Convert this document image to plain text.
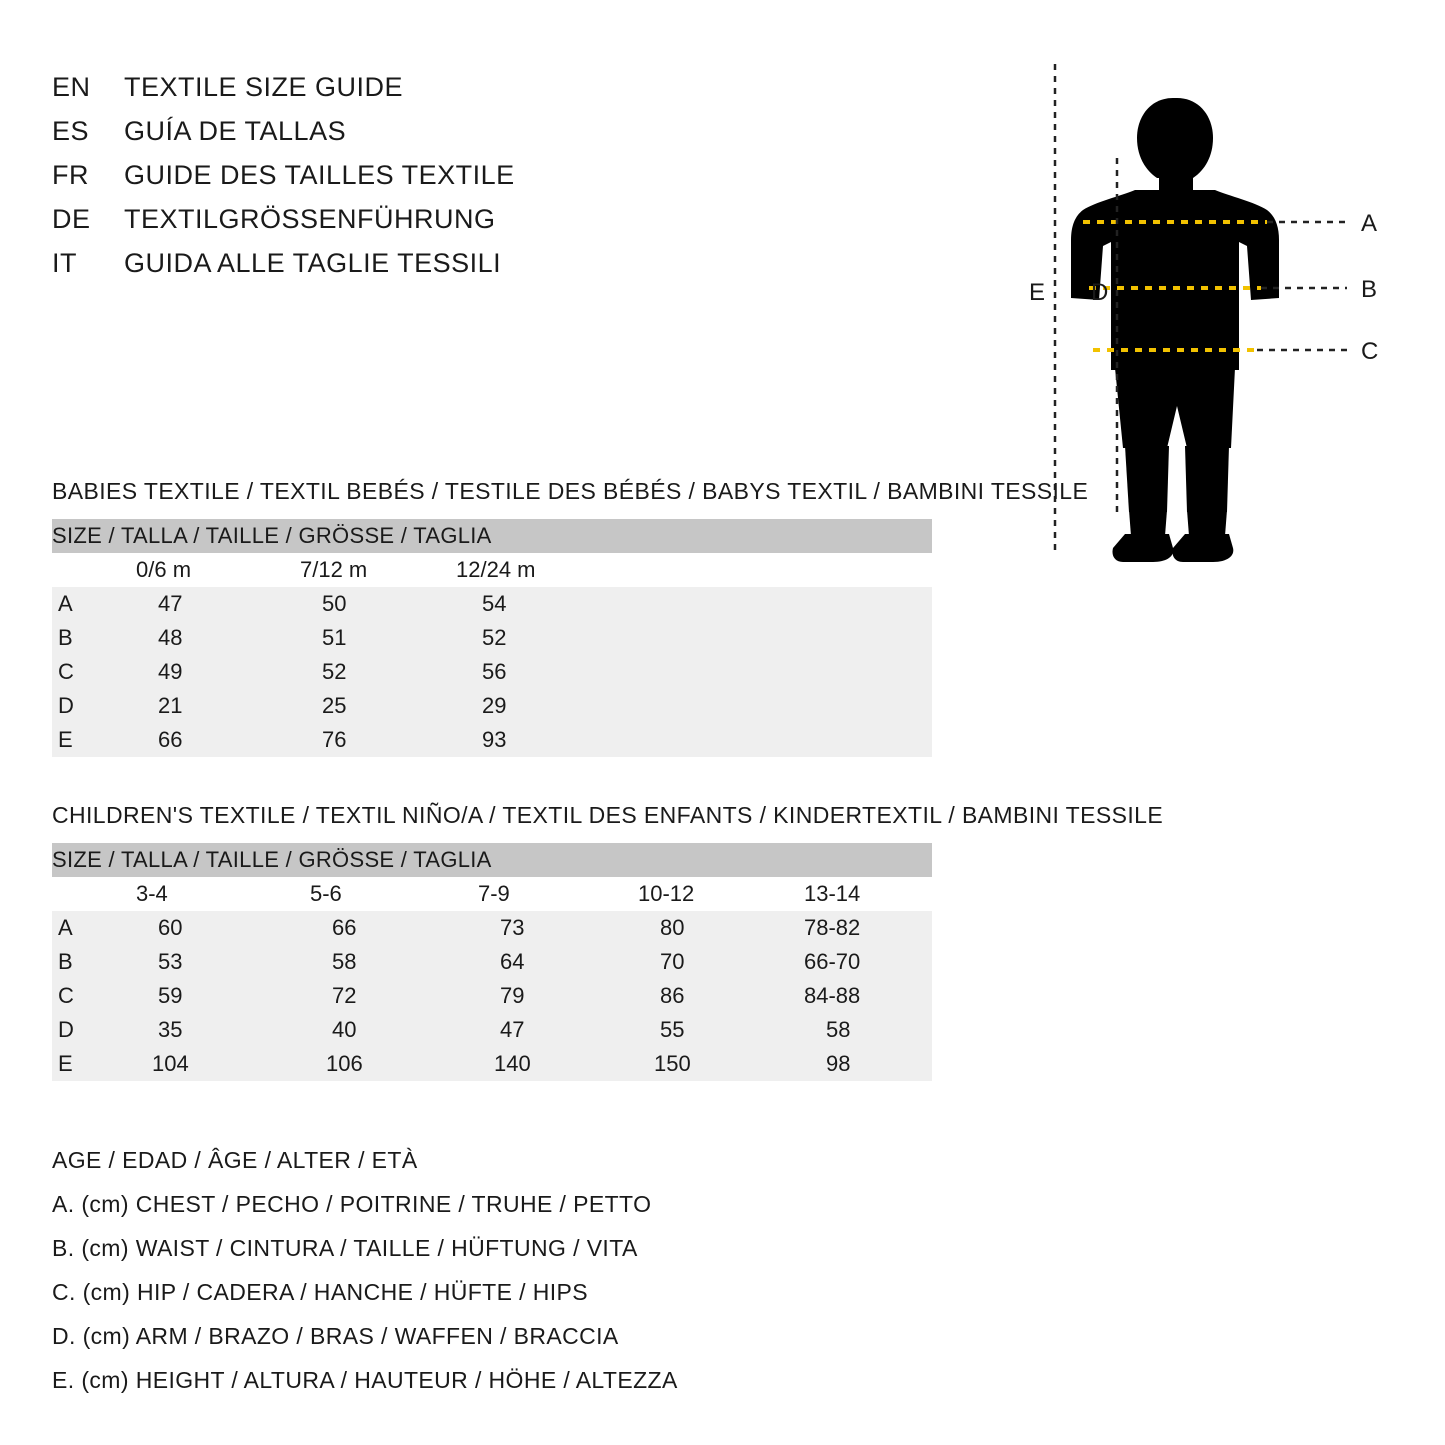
EN	TEXTILE SIZE GUIDE
ES	GUÍA DE TALLAS
FR	GUIDE DES TAILLES TEXTILE
DE	TEXTILGRÖSSENFÜHRUNG
IT	GUIDA ALLE TAGLIE TESSILI
A
B
C
D
E
BABIES TEXTILE / TEXTIL BEBÉS / TESTILE DES BÉBÉS / BABYS TEXTIL / BAMBINI TESSILE
SIZE / TALLA / TAILLE / GRÖSSE / TAGLIA			
	0/6 m	7/12 m	12/24 m
A	47	50	54
B	48	51	52
C	49	52	56
D	21	25	29
E	66	76	93
CHILDREN'S TEXTILE / TEXTIL NIÑO/A / TEXTIL DES ENFANTS / KINDERTEXTIL / BAMBINI TESSILE
SIZE / TALLA / TAILLE / GRÖSSE / TAGLIA					
	3-4	5-6	7-9	10-12	13-14
A	60	66	73	80	78-82
B	53	58	64	70	66-70
C	59	72	79	86	84-88
D	35	40	47	55	58
E	104	106	140	150	98
AGE / EDAD / ÂGE / ALTER / ETÀ
A. (cm) CHEST / PECHO / POITRINE / TRUHE / PETTO
B. (cm) WAIST / CINTURA / TAILLE / HÜFTUNG / VITA
C. (cm) HIP / CADERA / HANCHE / HÜFTE / HIPS
D. (cm) ARM / BRAZO / BRAS / WAFFEN / BRACCIA
E. (cm) HEIGHT / ALTURA / HAUTEUR / HÖHE / ALTEZZA
